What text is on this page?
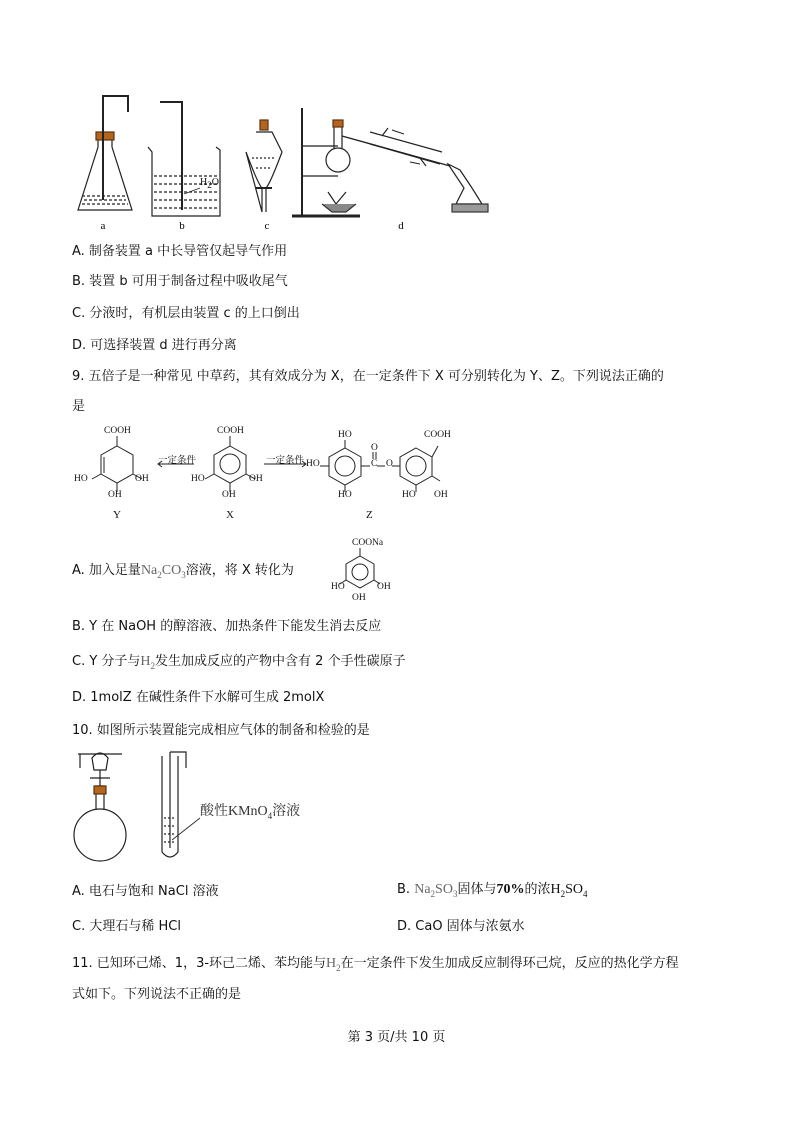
a	b	c	d
$H_2O$
A. 制备装置 a 中长导管仅起导气作用
B. 装置 b 可用于制备过程中吸收尾气
C. 分液时，有机层由装置 c 的上口倒出
D. 可选择装置 d 进行再分离
9. 五倍子是一种常见 中草药，其有效成分为 X，在一定条件下 X 可分别转化为 Y、Z。下列说法正确的
是
COOH
HO	OH
OH
一定条件
COOH
HO	OH
OH
一定条件
HO
O
HO	C O
HO
COOH
HO OH
Y	X	Z
A. 加入足量$Na_2CO_3$溶液，将 X 转化为
COONa
HO	OH
OH
B. Y 在 NaOH 的醇溶液、加热条件下能发生消去反应
C. Y 分子与$H_2$发生加成反应的产物中含有 2 个手性碳原子
D. 1molZ 在碱性条件下水解可生成 2molX
10. 如图所示装置能完成相应气体的制备和检验的是
酸性KMnO$_4$溶液
A. 电石与饱和 NaCl 溶液	B. $Na_2SO_3$固体与70%的浓$H_2SO_4$
C. 大理石与稀 HCl	D. CaO 固体与浓氨水
11. 已知环己烯、1，3-环己二烯、苯均能与$H_2$在一定条件下发生加成反应制得环己烷，反应的热化学方程
式如下。下列说法不正确的是
第 3 页/共 10 页
